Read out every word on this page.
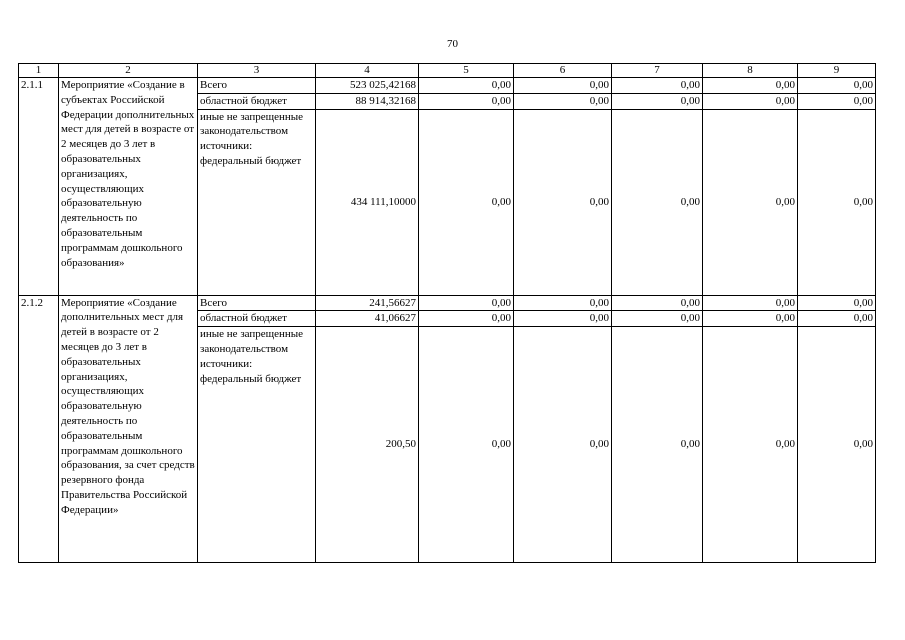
70
1	2	3	4	5	6	7	8	9
2.1.1	Мероприятие «Создание в субъектах Российской Федерации дополнительных мест для детей в возрасте от 2 месяцев до 3 лет в образовательных организациях, осуществляющих образовательную деятельность по образовательным программам дошкольного образования»	Всего	523 025,42168	0,00	0,00	0,00	0,00	0,00
		областной бюджет	88 914,32168	0,00	0,00	0,00	0,00	0,00
		иные не запрещенные законодательством источники: федеральный бюджет	434 111,10000	0,00	0,00	0,00	0,00	0,00
2.1.2	Мероприятие «Создание дополнительных мест для детей в возрасте от 2 месяцев до 3 лет в образовательных организациях, осуществляющих образовательную деятельность по образовательным программам дошкольного образования, за счет средств резервного фонда Правительства Российской Федерации»	Всего	241,56627	0,00	0,00	0,00	0,00	0,00
		областной бюджет	41,06627	0,00	0,00	0,00	0,00	0,00
		иные не запрещенные законодательством источники: федеральный бюджет	200,50	0,00	0,00	0,00	0,00	0,00
